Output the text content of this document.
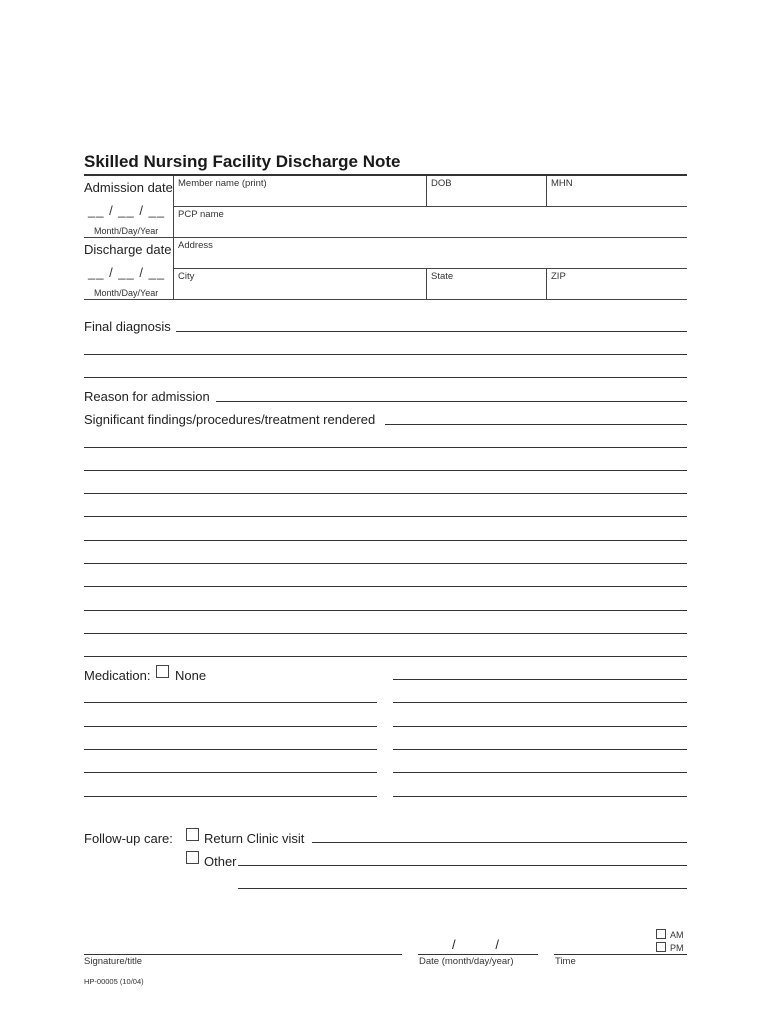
Skilled Nursing Facility Discharge Note
Admission date
__ / __ / __
Month/Day/Year
Discharge date
__ / __ / __
Month/Day/Year
Member name (print)	DOB	MHN
PCP name
Address
City	State	ZIP
Final diagnosis
Reason for admission
Significant findings/procedures/treatment rendered
Medication: None
Follow-up care: Return Clinic visit
Other
Signature/title
/           /
Date (month/day/year)	Time
AM
PM
HP-00005 (10/04)
